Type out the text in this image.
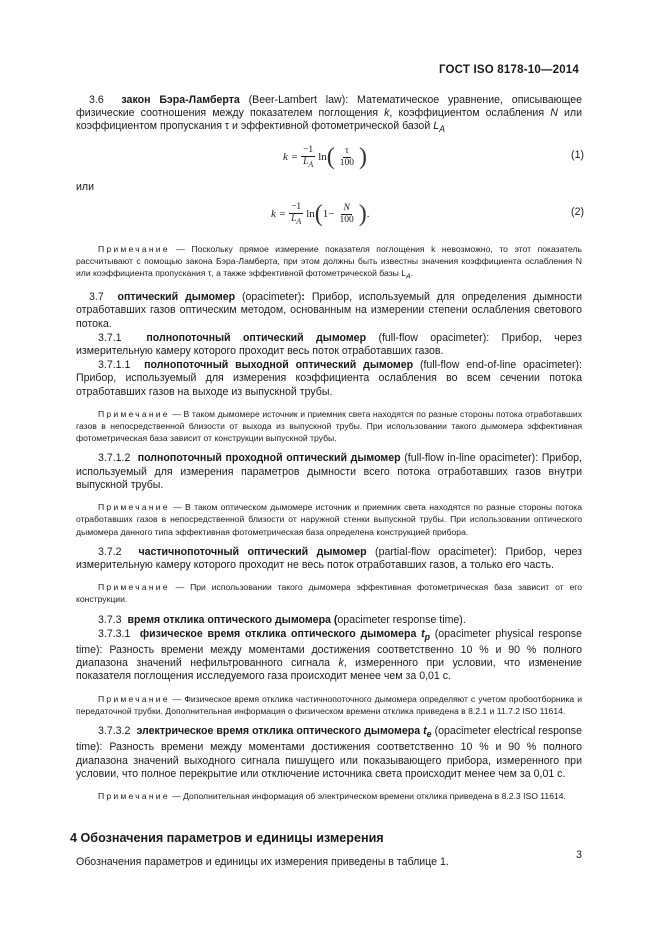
ГОСТ ISO 8178-10—2014

3.6 закон Бэра-Ламберта (Beer-Lambert law): Математическое уравнение, описывающее физические соотношения между показателем поглощения k, коэффициентом ослабления N или коэффициентом пропускания τ и эффективной фотометрической базой $L_A$

$k = \frac{-1}{L_A}$ ln ( $\frac{\tau}{100}$ )	(1)

или

$k = \frac{-1}{L_A}$ ln ( $1- \frac{N}{100}$ ) .	(2)

Примечание — Поскольку прямое измерение показателя поглощения k невозможно, то этот показатель рассчитывают с помощью закона Бэра-Ламберта, при этом должны быть известны значения коэффициента ослабления N или коэффициента пропускания τ, а также эффективной фотометрической базы $L_A$.

3.7 оптический дымомер (opacimeter): Прибор, используемый для определения дымности отработавших газов оптическим методом, основанным на измерении степени ослабления светового потока.

3.7.1 полнопоточный оптический дымомер (full-flow opacimeter): Прибор, через измерительную камеру которого проходит весь поток отработавших газов.

3.7.1.1 полнопоточный выходной оптический дымомер (full-flow end-of-line opacimeter): Прибор, используемый для измерения коэффициента ослабления во всем сечении потока отработавших газов на выходе из выпускной трубы.

Примечание — В таком дымомере источник и приемник света находятся по разные стороны потока отработавших газов в непосредственной близости от выхода из выпускной трубы. При использовании такого дымомера эффективная фотометрическая база зависит от конструкции выпускной трубы.

3.7.1.2 полнопоточный проходной оптический дымомер (full-flow in-line opacimeter): Прибор, используемый для измерения параметров дымности всего потока отработавших газов внутри выпускной трубы.

Примечание — В таком оптическом дымомере источник и приемник света находятся по разные стороны потока отработавших газов в непосредственной близости от наружной стенки выпускной трубы. При использовании оптического дымомера данного типа эффективная фотометрическая база определена конструкцией прибора.

3.7.2 частичнопоточный оптический дымомер (partial-flow opacimeter): Прибор, через измерительную камеру которого проходит не весь поток отработавших газов, а только его часть.

Примечание — При использовании такого дымомера эффективная фотометрическая база зависит от его конструкции.

3.7.3 время отклика оптического дымомера (opacimeter response time).

3.7.3.1 физическое время отклика оптического дымомера $t_p$ (opacimeter physical response time): Разность времени между моментами достижения соответственно 10 % и 90 % полного диапазона значений нефильтрованного сигнала k, измеренного при условии, что изменение показателя поглощения исследуемого газа происходит менее чем за 0,01 с.

Примечание — Физическое время отклика частичнопоточного дымомера определяют с учетом пробоотборника и передаточной трубки. Дополнительная информация о физическом времени отклика приведена в 8.2.1 и 11.7.2 ISO 11614.

3.7.3.2 электрическое время отклика оптического дымомера $t_e$ (opacimeter electrical response time): Разность времени между моментами достижения соответственно 10 % и 90 % полного диапазона значений выходного сигнала пишущего или показывающего прибора, измеренного при условии, что полное перекрытие или отключение источника света происходит менее чем за 0,01 с.

Примечание — Дополнительная информация об электрическом времени отклика приведена в 8.2.3 ISO 11614.

4 Обозначения параметров и единицы измерения

Обозначения параметров и единицы их измерения приведены в таблице 1.

3
